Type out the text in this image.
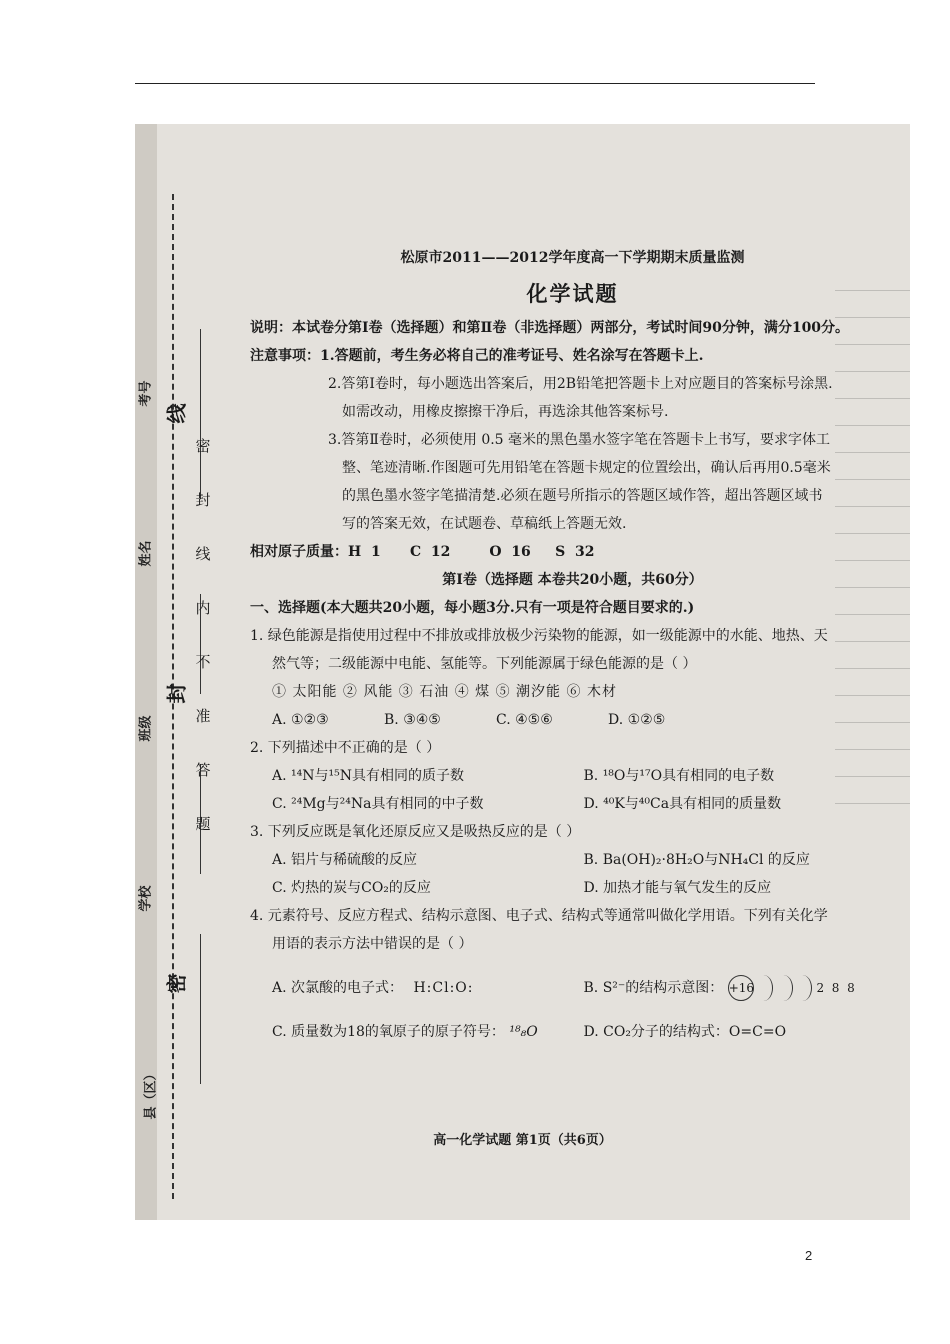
考号
姓名
班级
学校
县（区）
线
封
密
密
封
线
内
不
准
答
题

松原市2011——2012学年度高一下学期期末质量监测

化学试题

说明：本试卷分第Ⅰ卷（选择题）和第Ⅱ卷（非选择题）两部分，考试时间90分钟，满分100分。

注意事项：1.答题前，考生务必将自己的准考证号、姓名涂写在答题卡上.

2.答第Ⅰ卷时，每小题选出答案后，用2B铅笔把答题卡上对应题目的答案标号涂黑.

如需改动，用橡皮擦擦干净后，再选涂其他答案标号.

3.答第Ⅱ卷时，必须使用 0.5 毫米的黑色墨水签字笔在答题卡上书写，要求字体工

整、笔迹清晰.作图题可先用铅笔在答题卡规定的位置绘出，确认后再用0.5毫米

的黑色墨水签字笔描清楚.必须在题号所指示的答题区域作答，超出答题区域书

写的答案无效，在试题卷、草稿纸上答题无效.

相对原子质量：H  1      C  12        O  16     S  32

第Ⅰ卷（选择题 本卷共20小题，共60分）

一、选择题(本大题共20小题，每小题3分.只有一项是符合题目要求的.)

1. 绿色能源是指使用过程中不排放或排放极少污染物的能源，如一级能源中的水能、地热、天

然气等；二级能源中电能、氢能等。下列能源属于绿色能源的是（ ）

① 太阳能 ② 风能 ③ 石油 ④ 煤 ⑤ 潮汐能 ⑥ 木材

A. ①②③	B. ③④⑤	C. ④⑤⑥	D. ①②⑤

2. 下列描述中不正确的是（ ）

A. ¹⁴N与¹⁵N具有相同的质子数	B. ¹⁸O与¹⁷O具有相同的电子数
C. ²⁴Mg与²⁴Na具有相同的中子数	D. ⁴⁰K与⁴⁰Ca具有相同的质量数

3. 下列反应既是氧化还原反应又是吸热反应的是（ ）

A. 铝片与稀硫酸的反应	B. Ba(OH)₂·8H₂O与NH₄Cl 的反应
C. 灼热的炭与CO₂的反应	D. 加热才能与氧气发生的反应

4. 元素符号、反应方程式、结构示意图、电子式、结构式等通常叫做化学用语。下列有关化学

用语的表示方法中错误的是（ ）

A. 次氯酸的电子式： H:Cl:O:	B. S²⁻的结构示意图： +16	2  8  8
C. 质量数为18的氧原子的原子符号： ¹⁸₈O	D. CO₂分子的结构式：O=C=O
高一化学试题 第1页（共6页）
2
